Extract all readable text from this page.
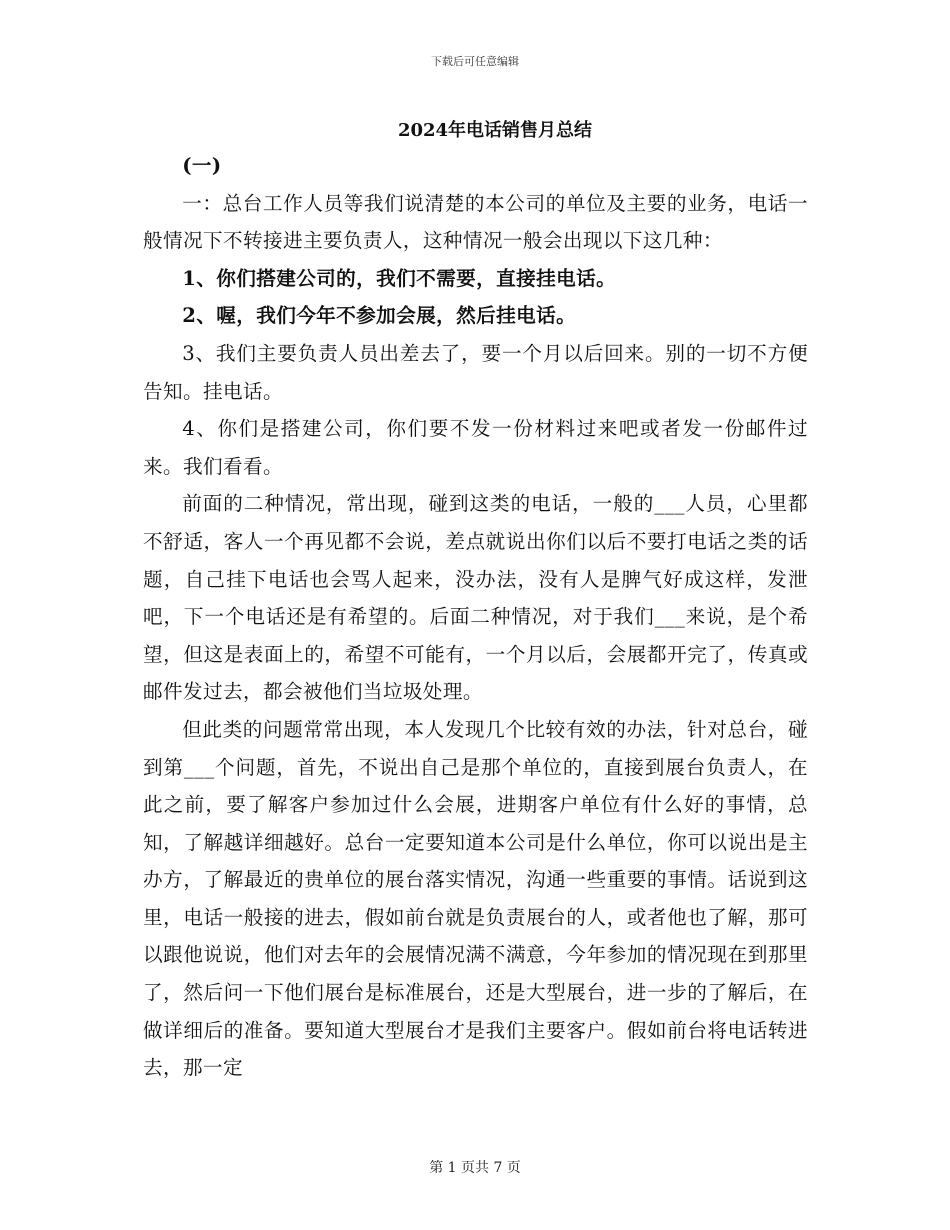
下载后可任意编辑
2024年电话销售月总结

(一)

一：总台工作人员等我们说清楚的本公司的单位及主要的业务，电话一般情况下不转接进主要负责人，这种情况一般会出现以下这几种：

1、你们搭建公司的，我们不需要，直接挂电话。

2、喔，我们今年不参加会展，然后挂电话。

3、我们主要负责人员出差去了，要一个月以后回来。别的一切不方便告知。挂电话。

4、你们是搭建公司，你们要不发一份材料过来吧或者发一份邮件过来。我们看看。

前面的二种情况，常出现，碰到这类的电话，一般的___人员，心里都不舒适，客人一个再见都不会说，差点就说出你们以后不要打电话之类的话题，自己挂下电话也会骂人起来，没办法，没有人是脾气好成这样，发泄吧，下一个电话还是有希望的。后面二种情况，对于我们___来说，是个希望，但这是表面上的，希望不可能有，一个月以后，会展都开完了，传真或邮件发过去，都会被他们当垃圾处理。

但此类的问题常常出现，本人发现几个比较有效的办法，针对总台，碰到第___个问题，首先，不说出自己是那个单位的，直接到展台负责人，在此之前，要了解客户参加过什么会展，进期客户单位有什么好的事情，总知，了解越详细越好。总台一定要知道本公司是什么单位，你可以说出是主办方，了解最近的贵单位的展台落实情况，沟通一些重要的事情。话说到这里，电话一般接的进去，假如前台就是负责展台的人，或者他也了解，那可以跟他说说，他们对去年的会展情况满不满意，今年参加的情况现在到那里了，然后问一下他们展台是标准展台，还是大型展台，进一步的了解后，在做详细后的准备。要知道大型展台才是我们主要客户。假如前台将电话转进去，那一定

第 1 页共 7 页
